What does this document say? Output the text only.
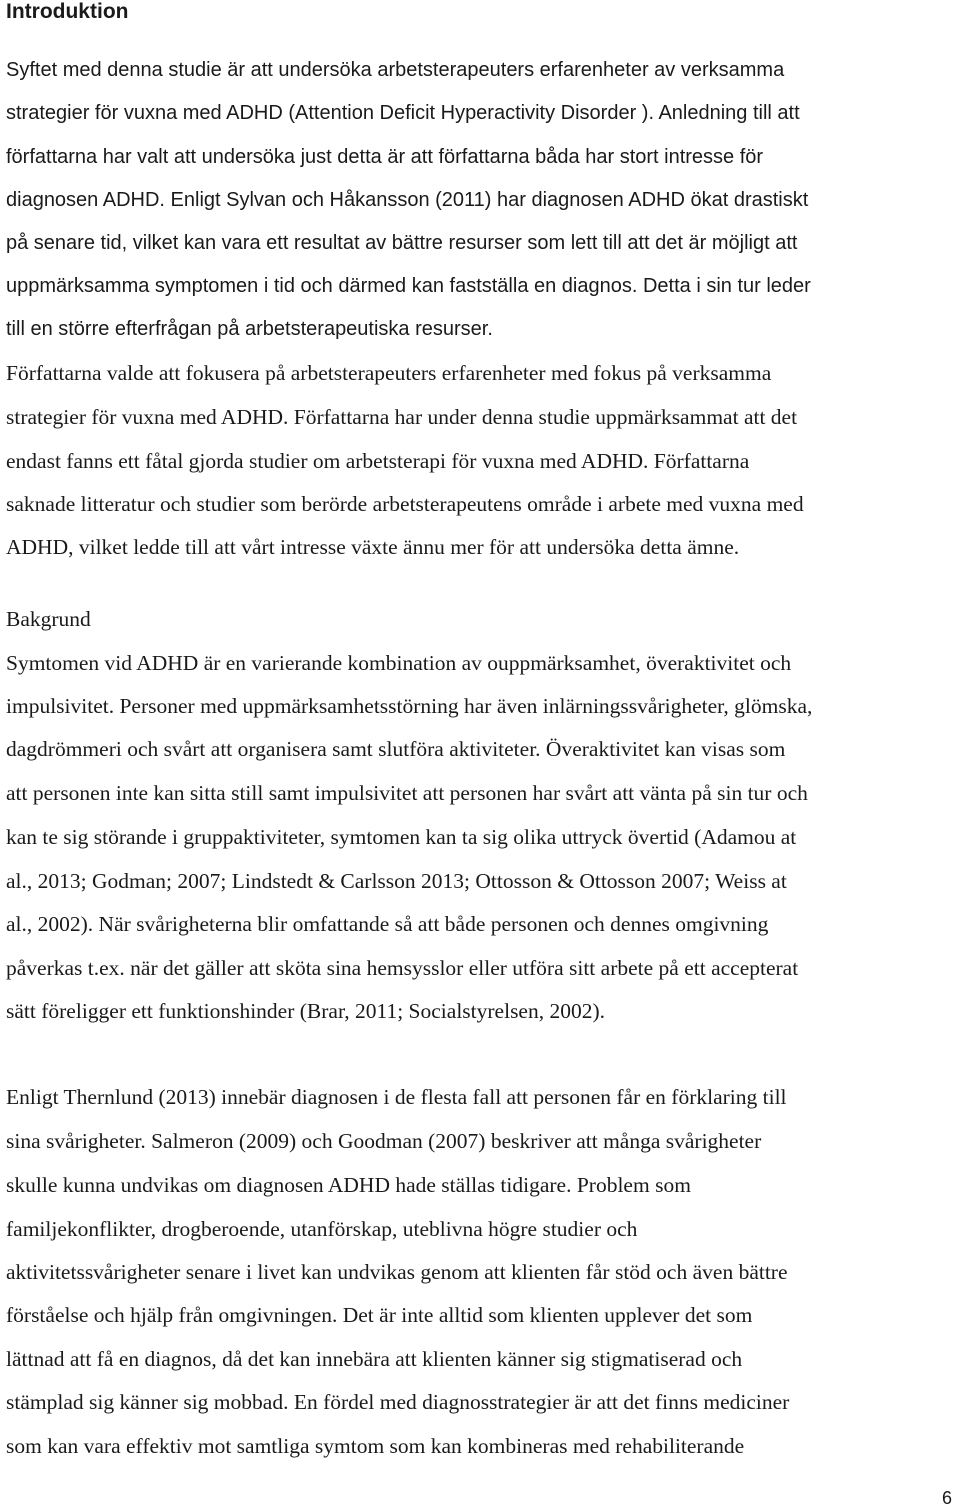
Introduktion
Syftet med denna studie är att undersöka arbetsterapeuters erfarenheter av verksamma
strategier för vuxna med ADHD (Attention Deficit Hyperactivity Disorder ). Anledning till att
författarna har valt att undersöka just detta är att författarna båda har stort intresse för
diagnosen ADHD. Enligt Sylvan och Håkansson (2011) har diagnosen ADHD ökat drastiskt
på senare tid, vilket kan vara ett resultat av bättre resurser som lett till att det är möjligt att
uppmärksamma symptomen i tid och därmed kan fastställa en diagnos. Detta i sin tur leder
till en större efterfrågan på arbetsterapeutiska resurser.
Författarna valde att fokusera på arbetsterapeuters erfarenheter med fokus på verksamma
strategier för vuxna med ADHD. Författarna har under denna studie uppmärksammat att det
endast fanns ett fåtal gjorda studier om arbetsterapi för vuxna med ADHD. Författarna
saknade litteratur och studier som berörde arbetsterapeutens område i arbete med vuxna med
ADHD, vilket ledde till att vårt intresse växte ännu mer för att undersöka detta ämne.
Bakgrund
Symtomen vid ADHD är en varierande kombination av ouppmärksamhet, överaktivitet och
impulsivitet. Personer med uppmärksamhetsstörning har även inlärningssvårigheter, glömska,
dagdrömmeri och svårt att organisera samt slutföra aktiviteter. Överaktivitet kan visas som
att personen inte kan sitta still samt impulsivitet att personen har svårt att vänta på sin tur och
kan te sig störande i gruppaktiviteter, symtomen kan ta sig olika uttryck övertid (Adamou at
al., 2013; Godman; 2007; Lindstedt & Carlsson 2013; Ottosson & Ottosson 2007; Weiss at
al., 2002). När svårigheterna blir omfattande så att både personen och dennes omgivning
påverkas t.ex. när det gäller att sköta sina hemsysslor eller utföra sitt arbete på ett accepterat
sätt föreligger ett funktionshinder (Brar, 2011; Socialstyrelsen, 2002).
Enligt Thernlund (2013) innebär diagnosen i de flesta fall att personen får en förklaring till
sina svårigheter. Salmeron (2009) och Goodman (2007) beskriver att många svårigheter
skulle kunna undvikas om diagnosen ADHD hade ställas tidigare. Problem som
familjekonflikter, drogberoende, utanförskap, uteblivna högre studier och
aktivitetssvårigheter senare i livet kan undvikas genom att klienten får stöd och även bättre
förståelse och hjälp från omgivningen. Det är inte alltid som klienten upplever det som
lättnad att få en diagnos, då det kan innebära att klienten känner sig stigmatiserad och
stämplad sig känner sig mobbad. En fördel med diagnosstrategier är att det finns mediciner
som kan vara effektiv mot samtliga symtom som kan kombineras med rehabiliterande
6
